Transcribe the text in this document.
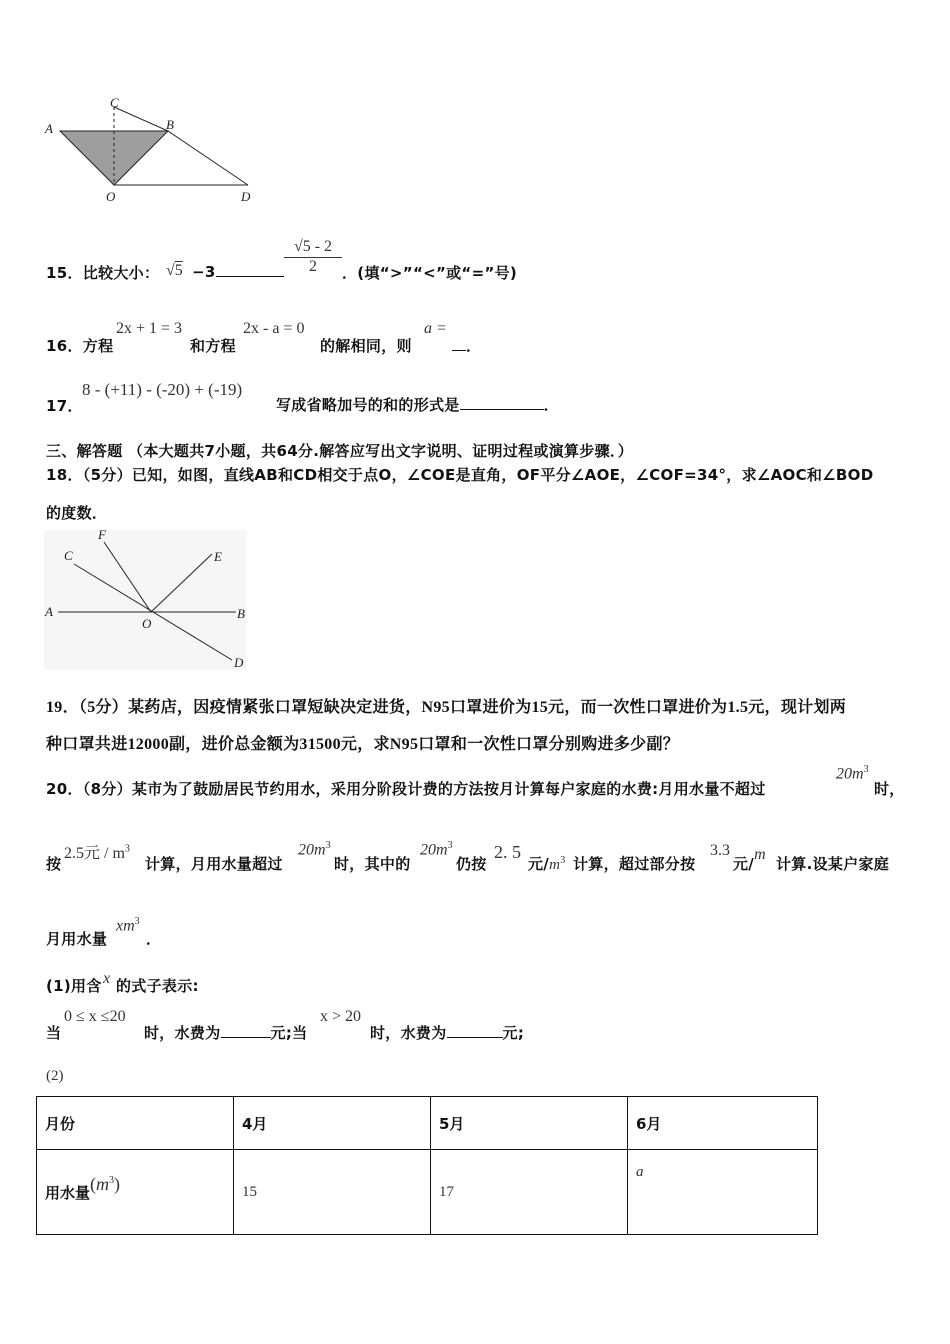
C
A	B
O	D
15．比较大小： √5 −3	$\frac{√5 - 2}{2}$ ．(填“>”“<”或“=”号)
16．方程
2x + 1 = 3
和方程
2x - a = 0
的解相同，则
a =
．
17．
8 - (+11) - (-20) + (-19)
写成省略加号的和的形式是	．
三、解答题 （本大题共7小题，共64分.解答应写出文字说明、证明过程或演算步骤．）
18．（5分）已知，如图，直线AB和CD相交于点O，∠COE是直角，OF平分∠AOE，∠COF=34°，求∠AOC和∠BOD
的度数．
C
F
E
A
O
B
D
19．（5分）某药店，因疫情紧张口罩短缺决定进货，N95口罩进价为15元，而一次性口罩进价为1.5元，现计划两
种口罩共进12000副，进价总金额为31500元，求N95口罩和一次性口罩分别购进多少副？
20．（8分）某市为了鼓励居民节约用水，采用分阶段计费的方法按月计算每户家庭的水费:月用水量不超过
$20m^3$
时，
按
2.5元 / $m^3$
计算，月用水量超过
$20m^3$
时，其中的
$20m^3$
仍按
2. 5
元$/m^3$ 计算，超过部分按
3.3
元/m
计算.设某户家庭
月用水量
$xm^3$
．
(1)用含 x 的式子表示:
当
0 ≤ x ≤20
时，水费为	元;当
x > 20
时，水费为	元;
(2)
月份	4月	5月	6月
用水量$(m^3)$	15	17	a
